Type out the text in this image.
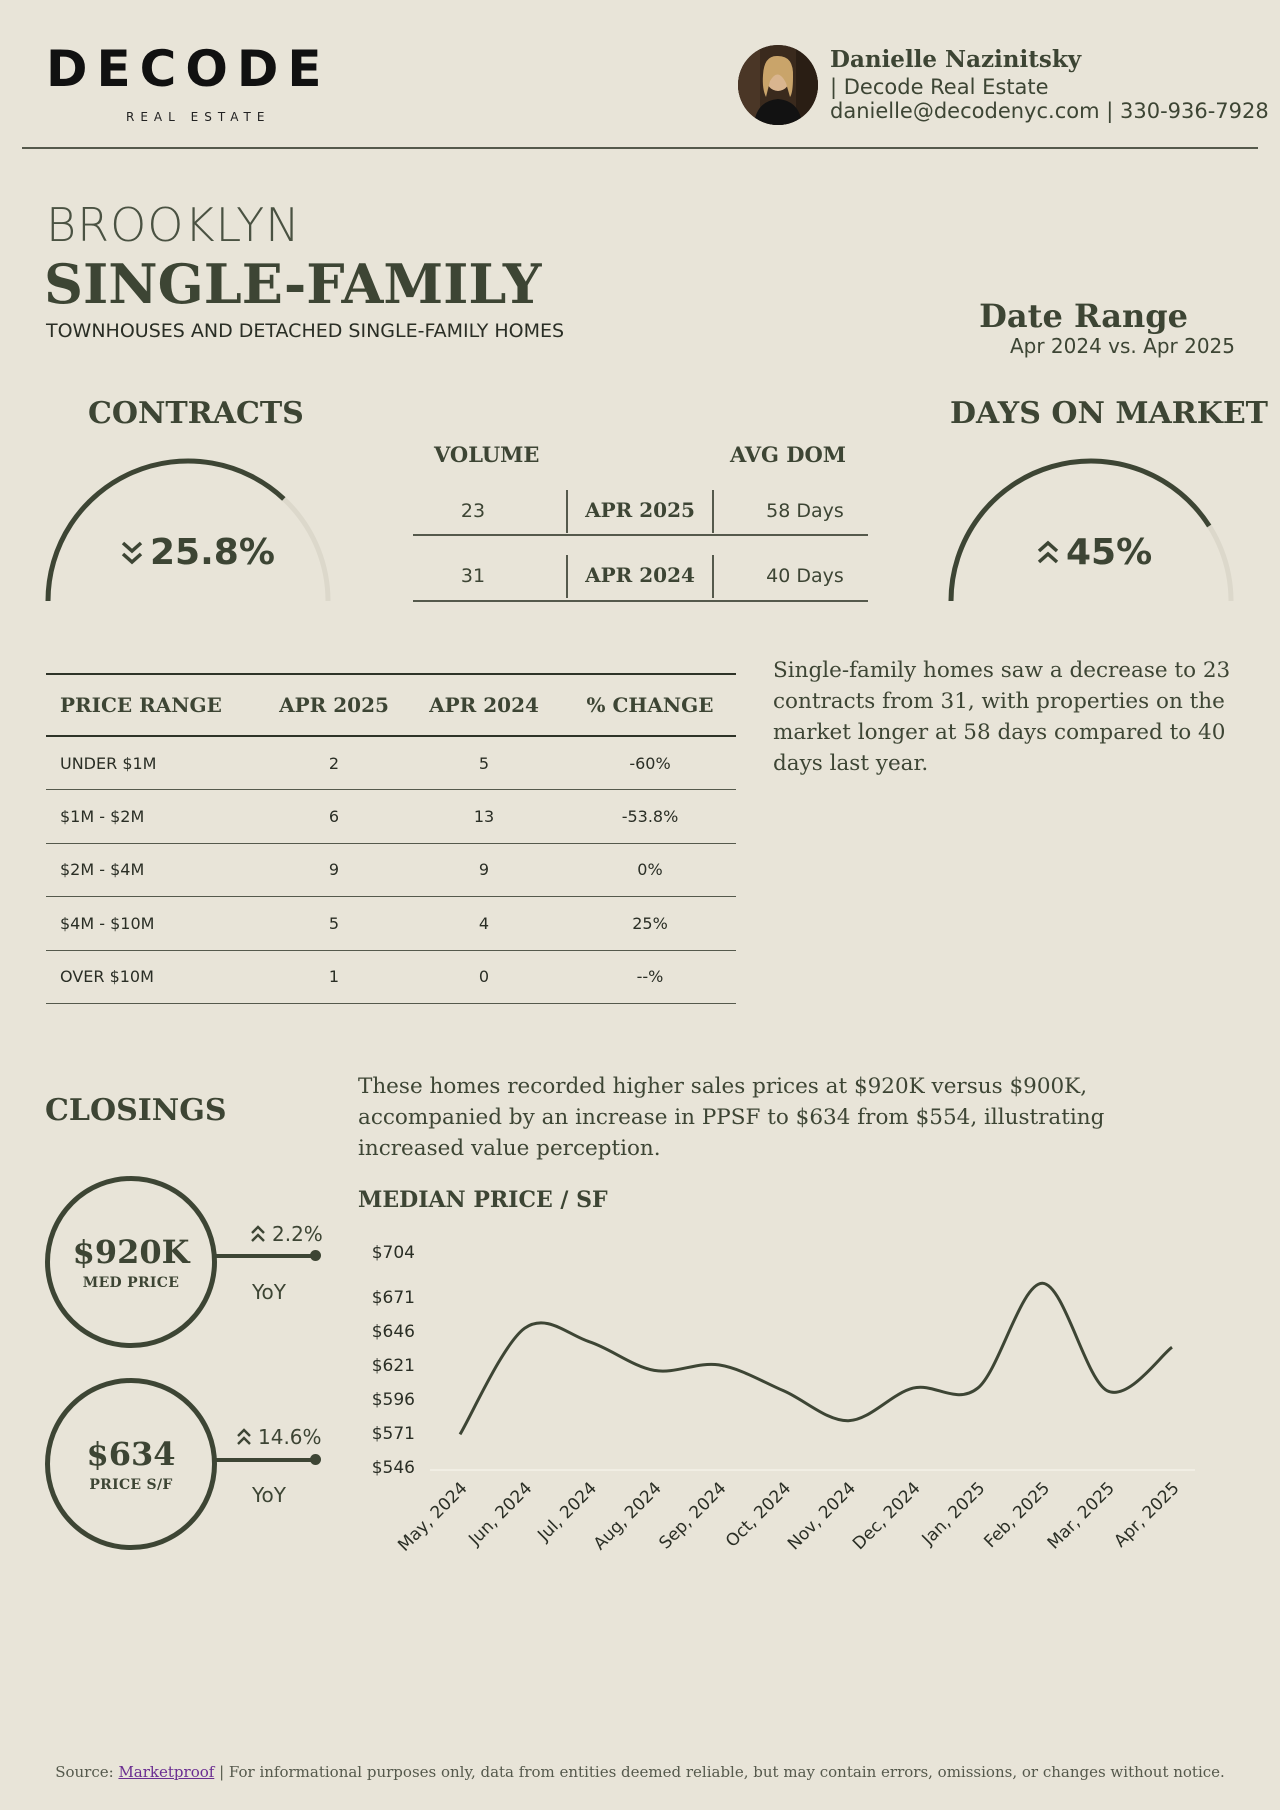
DECODE
REAL ESTATE
Danielle Nazinitsky
| Decode Real Estate
danielle@decodenyc.com | 330-936-7928
BROOKLYN
SINGLE-FAMILY
TOWNHOUSES AND DETACHED SINGLE-FAMILY HOMES	Date Range
Apr 2024 vs. Apr 2025
CONTRACTS
25.8%
VOLUME	AVG DOM
23	APR 2025	58 Days
31	APR 2024	40 Days
DAYS ON MARKET
45%
PRICE RANGE	APR 2025	APR 2024	% CHANGE
UNDER $1M	2	5	-60%
$1M - $2M	6	13	-53.8%
$2M - $4M	9	9	0%
$4M - $10M	5	4	25%
OVER $10M	1	0	--%
Single-family homes saw a decrease to 23 contracts from 31, with properties on the market longer at 58 days compared to 40 days last year.
CLOSINGS
These homes recorded higher sales prices at $920K versus $900K, accompanied by an increase in PPSF to $634 from $554, illustrating increased value perception.
$920K
MED PRICE
2.2%
YoY
$634
PRICE S/F
14.6%
YoY
MEDIAN PRICE / SF
$546
$571
$596
$621
$646
$671
$704
May, 2024
Jun, 2024
Jul, 2024
Aug, 2024
Sep, 2024
Oct, 2024
Nov, 2024
Dec, 2024
Jan, 2025
Feb, 2025
Mar, 2025
Apr, 2025
Source: Marketproof | For informational purposes only, data from entities deemed reliable, but may contain errors, omissions, or changes without notice.
